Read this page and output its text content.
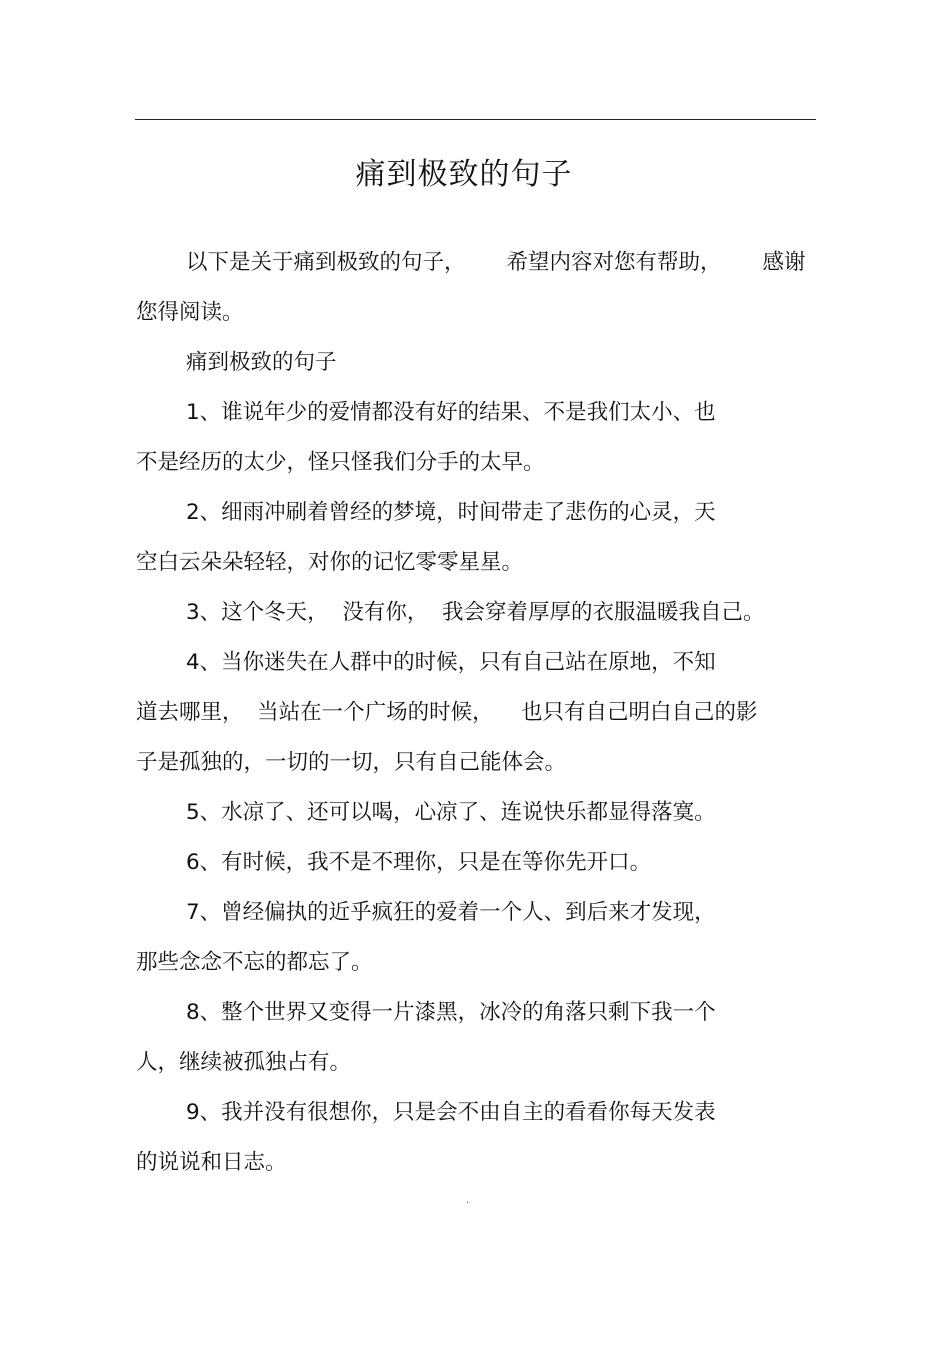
痛到极致的句子
以下是关于痛到极致的句子，      希望内容对您有帮助，      感谢
您得阅读。
痛到极致的句子
1、谁说年少的爱情都没有好的结果、不是我们太小、也
不是经历的太少，怪只怪我们分手的太早。
2、细雨冲刷着曾经的梦境，时间带走了悲伤的心灵，天
空白云朵朵轻轻，对你的记忆零零星星。
3、这个冬天，  没有你，  我会穿着厚厚的衣服温暖我自己。
4、当你迷失在人群中的时候，只有自己站在原地，不知
道去哪里，  当站在一个广场的时候，    也只有自己明白自己的影
子是孤独的，一切的一切，只有自己能体会。
5、水凉了、还可以喝，心凉了、连说快乐都显得落寞。
6、有时候，我不是不理你，只是在等你先开口。
7、曾经偏执的近乎疯狂的爱着一个人、到后来才发现，
那些念念不忘的都忘了。
8、整个世界又变得一片漆黑，冰冷的角落只剩下我一个
人，继续被孤独占有。
9、我并没有很想你，只是会不由自主的看看你每天发表
的说说和日志。
.
